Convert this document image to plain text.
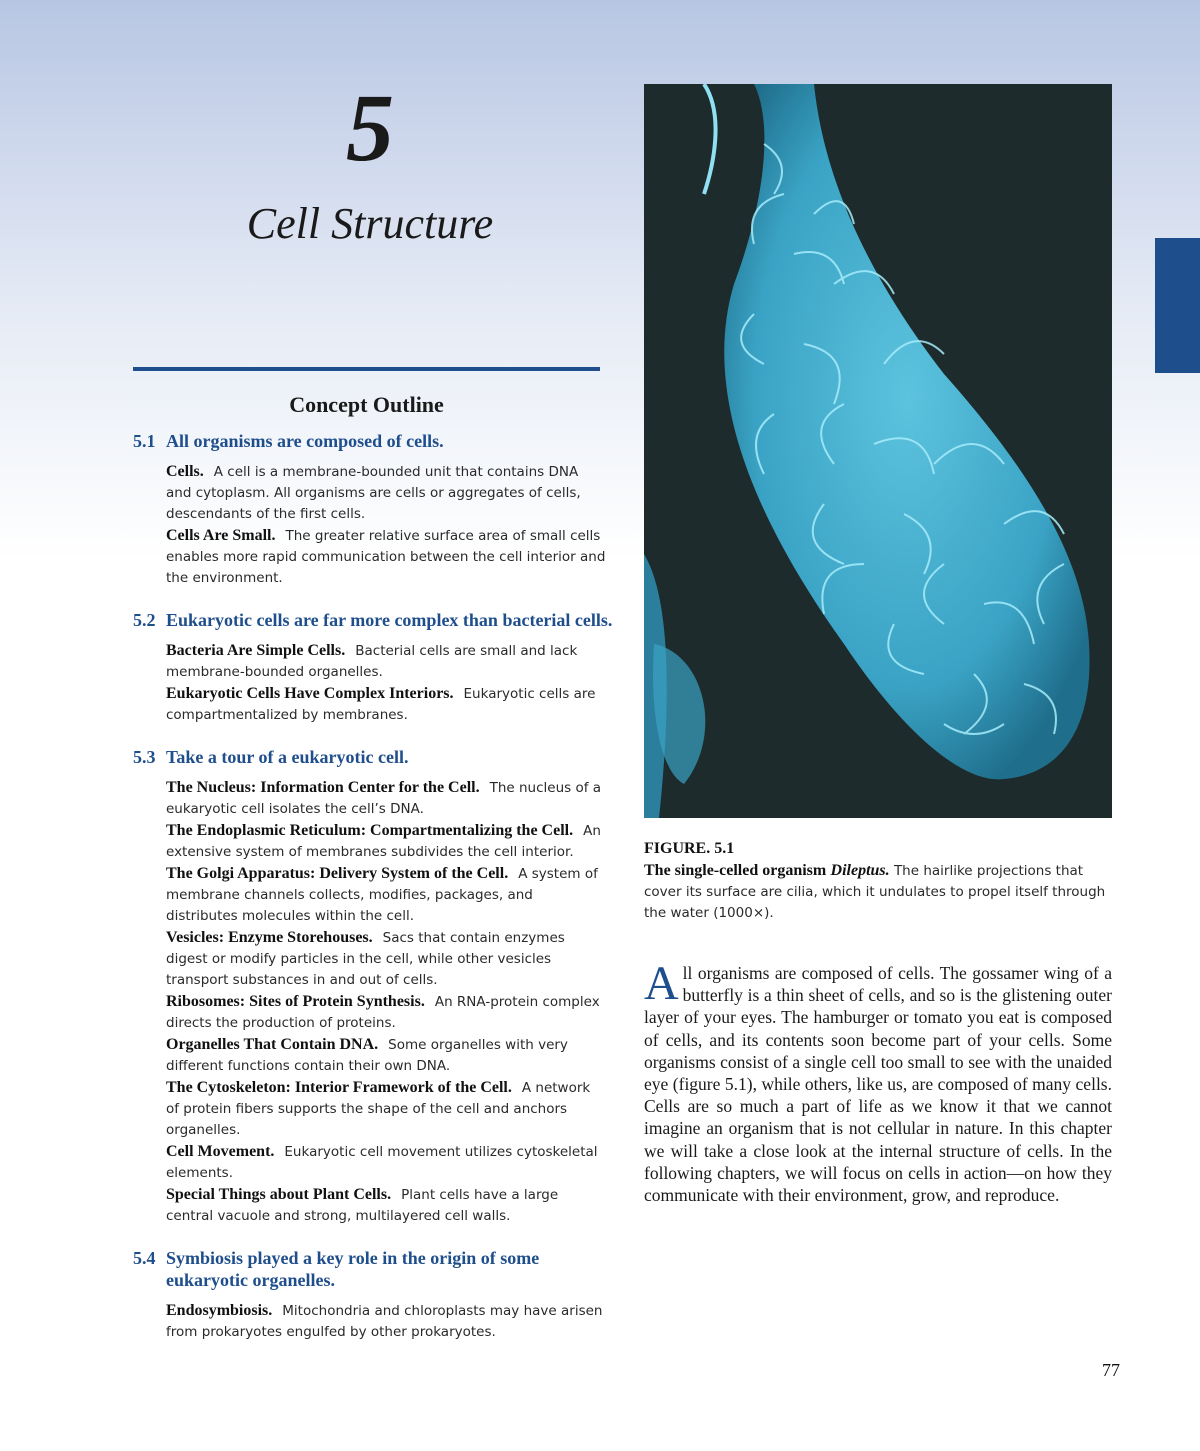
5
Cell Structure
Concept Outline
5.1 All organisms are composed of cells.
Cells. A cell is a membrane-bounded unit that contains DNA and cytoplasm. All organisms are cells or aggregates of cells, descendants of the first cells.
Cells Are Small. The greater relative surface area of small cells enables more rapid communication between the cell interior and the environment.
5.2 Eukaryotic cells are far more complex than bacterial cells.
Bacteria Are Simple Cells. Bacterial cells are small and lack membrane-bounded organelles.
Eukaryotic Cells Have Complex Interiors. Eukaryotic cells are compartmentalized by membranes.
5.3 Take a tour of a eukaryotic cell.
The Nucleus: Information Center for the Cell. The nucleus of a eukaryotic cell isolates the cell’s DNA.
The Endoplasmic Reticulum: Compartmentalizing the Cell. An extensive system of membranes subdivides the cell interior.
The Golgi Apparatus: Delivery System of the Cell. A system of membrane channels collects, modifies, packages, and distributes molecules within the cell.
Vesicles: Enzyme Storehouses. Sacs that contain enzymes digest or modify particles in the cell, while other vesicles transport substances in and out of cells.
Ribosomes: Sites of Protein Synthesis. An RNA-protein complex directs the production of proteins.
Organelles That Contain DNA. Some organelles with very different functions contain their own DNA.
The Cytoskeleton: Interior Framework of the Cell. A network of protein fibers supports the shape of the cell and anchors organelles.
Cell Movement. Eukaryotic cell movement utilizes cytoskeletal elements.
Special Things about Plant Cells. Plant cells have a large central vacuole and strong, multilayered cell walls.
5.4 Symbiosis played a key role in the origin of some eukaryotic organelles.
Endosymbiosis. Mitochondria and chloroplasts may have arisen from prokaryotes engulfed by other prokaryotes.
FIGURE. 5.1
The single-celled organism Dileptus. The hairlike projections that cover its surface are cilia, which it undulates to propel itself through the water (1000×).
All organisms are composed of cells. The gossamer wing of a butterfly is a thin sheet of cells, and so is the glistening outer layer of your eyes. The hamburger or tomato you eat is composed of cells, and its contents soon become part of your cells. Some organisms consist of a single cell too small to see with the unaided eye (figure 5.1), while others, like us, are composed of many cells. Cells are so much a part of life as we know it that we cannot imagine an organism that is not cellular in nature. In this chapter we will take a close look at the internal structure of cells. In the following chapters, we will focus on cells in action—on how they communicate with their environment, grow, and reproduce.
77
